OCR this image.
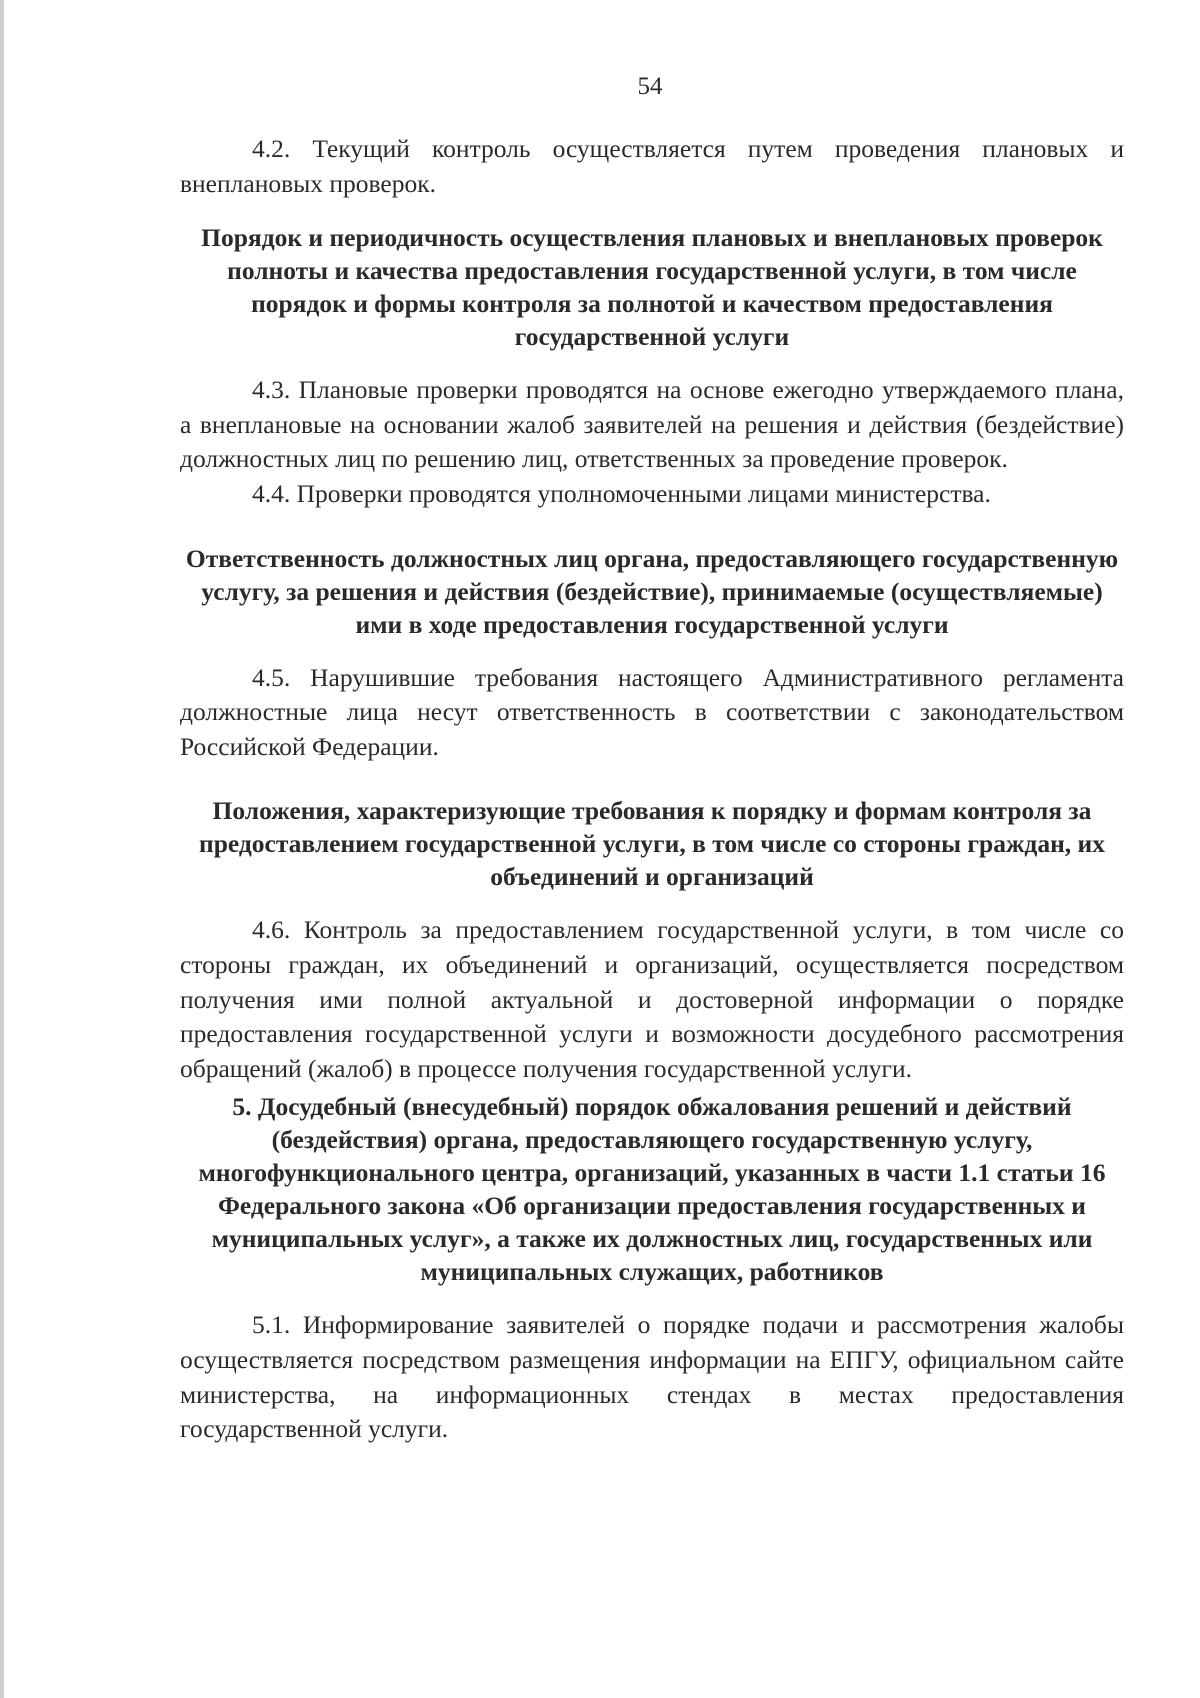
54

4.2. Текущий контроль осуществляется путем проведения плановых и внеплановых проверок.

Порядок и периодичность осуществления плановых и внеплановых проверок полноты и качества предоставления государственной услуги, в том числе порядок и формы контроля за полнотой и качеством предоставления государственной услуги

4.3. Плановые проверки проводятся на основе ежегодно утверждаемого плана, а внеплановые на основании жалоб заявителей на решения и действия (бездействие) должностных лиц по решению лиц, ответственных за проведение проверок.

4.4. Проверки проводятся уполномоченными лицами министерства.

Ответственность должностных лиц органа, предоставляющего государственную услугу, за решения и действия (бездействие), принимаемые (осуществляемые) ими в ходе предоставления государственной услуги

4.5. Нарушившие требования настоящего Административного регламента должностные лица несут ответственность в соответствии с законодательством Российской Федерации.

Положения, характеризующие требования к порядку и формам контроля за предоставлением государственной услуги, в том числе со стороны граждан, их объединений и организаций

4.6. Контроль за предоставлением государственной услуги, в том числе со стороны граждан, их объединений и организаций, осуществляется посредством получения ими полной актуальной и достоверной информации о порядке предоставления государственной услуги и возможности досудебного рассмотрения обращений (жалоб) в процессе получения государственной услуги.

5. Досудебный (внесудебный) порядок обжалования решений и действий (бездействия) органа, предоставляющего государственную услугу, многофункционального центра, организаций, указанных в части 1.1 статьи 16 Федерального закона «Об организации предоставления государственных и муниципальных услуг», а также их должностных лиц, государственных или муниципальных служащих, работников

5.1. Информирование заявителей о порядке подачи и рассмотрения жалобы осуществляется посредством размещения информации на ЕПГУ, официальном сайте министерства, на информационных стендах в местах предоставления государственной услуги.
